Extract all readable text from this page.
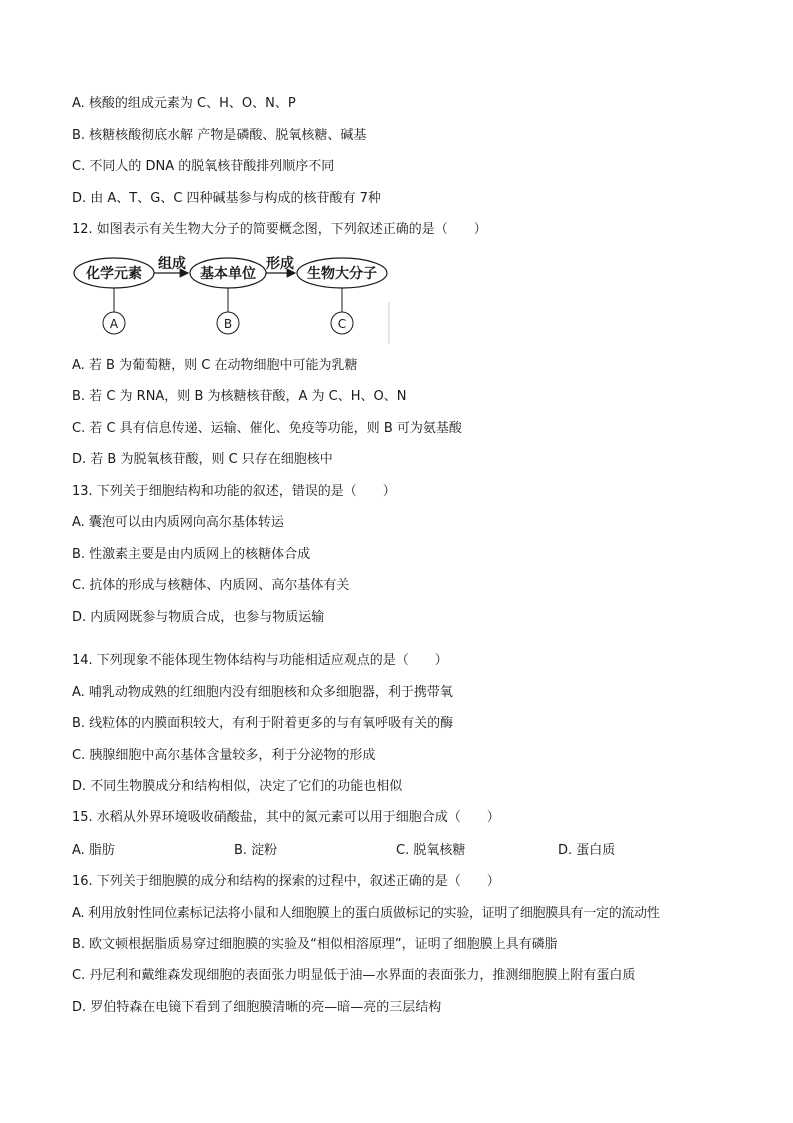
A. 核酸的组成元素为 C、H、O、N、P
B. 核糖核酸彻底水解 产物是磷酸、脱氧核糖、碱基
C. 不同人的 DNA 的脱氧核苷酸排列顺序不同
D. 由 A、T、G、C 四种碱基参与构成的核苷酸有 7种
12. 如图表示有关生物大分子的简要概念图，下列叙述正确的是（　　）
化学元素	基本单位	生物大分子
组成	形成
A	B	C
A. 若 B 为葡萄糖，则 C 在动物细胞中可能为乳糖
B. 若 C 为 RNA，则 B 为核糖核苷酸，A 为 C、H、O、N
C. 若 C 具有信息传递、运输、催化、免疫等功能，则 B 可为氨基酸
D. 若 B 为脱氧核苷酸，则 C 只存在细胞核中
13. 下列关于细胞结构和功能的叙述，错误的是（　　）
A. 囊泡可以由内质网向高尔基体转运
B. 性激素主要是由内质网上的核糖体合成
C. 抗体的形成与核糖体、内质网、高尔基体有关
D. 内质网既参与物质合成，也参与物质运输
14. 下列现象不能体现生物体结构与功能相适应观点的是（　　）
A. 哺乳动物成熟的红细胞内没有细胞核和众多细胞器，利于携带氧
B. 线粒体的内膜面积较大，有利于附着更多的与有氧呼吸有关的酶
C. 胰腺细胞中高尔基体含量较多，利于分泌物的形成
D. 不同生物膜成分和结构相似，决定了它们的功能也相似
15. 水稻从外界环境吸收硝酸盐，其中的氮元素可以用于细胞合成（　　）
A. 脂肪	B. 淀粉	C. 脱氧核糖	D. 蛋白质
16. 下列关于细胞膜的成分和结构的探索的过程中，叙述正确的是（　　）
A. 利用放射性同位素标记法将小鼠和人细胞膜上的蛋白质做标记的实验，证明了细胞膜具有一定的流动性
B. 欧文顿根据脂质易穿过细胞膜的实验及“相似相溶原理”，证明了细胞膜上具有磷脂
C. 丹尼利和戴维森发现细胞的表面张力明显低于油—水界面的表面张力，推测细胞膜上附有蛋白质
D. 罗伯特森在电镜下看到了细胞膜清晰的亮—暗—亮的三层结构
